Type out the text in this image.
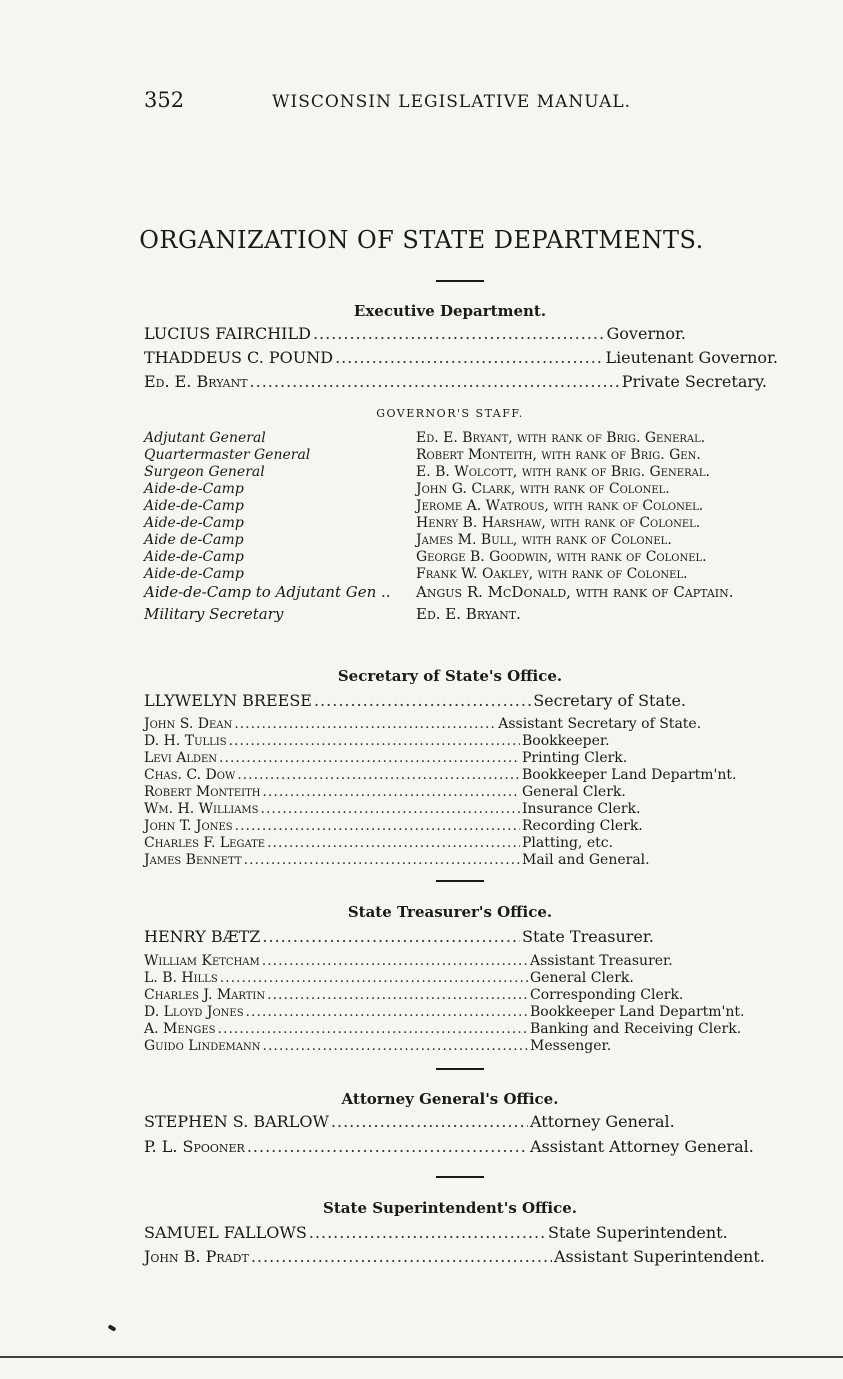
352	WISCONSIN LEGISLATIVE MANUAL.
ORGANIZATION OF STATE DEPARTMENTS.
Executive Department.
LUCIUS FAIRCHILD .....	Governor.
THADDEUS C. POUND .....	Lieutenant Governor.
Ed. E. Bryant .....	Private Secretary.
GOVERNOR'S STAFF.
Adjutant General	Ed. E. Bryant, with rank of Brig. General.
Quartermaster General	Robert Monteith, with rank of Brig. Gen.
Surgeon General	E. B. Wolcott, with rank of Brig. General.
Aide-de-Camp	John G. Clark, with rank of Colonel.
Aide-de-Camp	Jerome A. Watrous, with rank of Colonel.
Aide-de-Camp	Henry B. Harshaw, with rank of Colonel.
Aide de-Camp	James M. Bull, with rank of Colonel.
Aide-de-Camp	George B. Goodwin, with rank of Colonel.
Aide-de-Camp	Frank W. Oakley, with rank of Colonel.
Aide-de-Camp to Adjutant Gen ..	Angus R. McDonald, with rank of Captain.
Military Secretary	Ed. E. Bryant.
Secretary of State's Office.
LLYWELYN BREESE .....	Secretary of State.
John S. Dean .....	Assistant Secretary of State.
D. H. Tullis .....	Bookkeeper.
Levi Alden .....	Printing Clerk.
Chas. C. Dow .....	Bookkeeper Land Departm'nt.
Robert Monteith .....	General Clerk.
Wm. H. Williams .....	Insurance Clerk.
John T. Jones .....	Recording Clerk.
Charles F. Legate .....	Platting, etc.
James Bennett .....	Mail and General.
State Treasurer's Office.
HENRY BÆTZ .....	State Treasurer.
William Ketcham .....	Assistant Treasurer.
L. B. Hills .....	General Clerk.
Charles J. Martin .....	Corresponding Clerk.
D. Lloyd Jones .....	Bookkeeper Land Departm'nt.
A. Menges .....	Banking and Receiving Clerk.
Guido Lindemann .....	Messenger.
Attorney General's Office.
STEPHEN S. BARLOW .....	Attorney General.
P. L. Spooner .....	Assistant Attorney General.
State Superintendent's Office.
SAMUEL FALLOWS .....	State Superintendent.
John B. Pradt .....	Assistant Superintendent.
